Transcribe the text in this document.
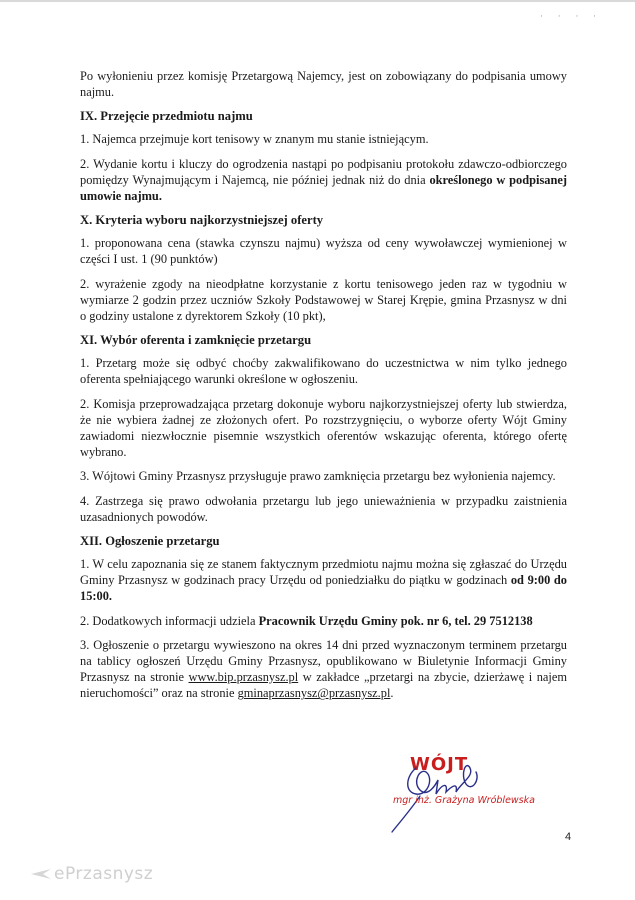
· · · ·

Po wyłonieniu przez komisję Przetargową Najemcy, jest on zobowiązany do podpisania umowy najmu.

IX. Przejęcie przedmiotu najmu

1. Najemca przejmuje kort tenisowy w znanym mu stanie istniejącym.

2. Wydanie kortu i kluczy do ogrodzenia nastąpi po podpisaniu protokołu zdawczo-odbiorczego pomiędzy Wynajmującym i Najemcą, nie później jednak niż do dnia określonego w podpisanej umowie najmu.

X. Kryteria wyboru najkorzystniejszej oferty

1. proponowana cena (stawka czynszu najmu) wyższa od ceny wywoławczej wymienionej w części I ust. 1 (90 punktów)

2. wyrażenie zgody na nieodpłatne korzystanie z kortu tenisowego jeden raz w tygodniu w wymiarze 2 godzin przez uczniów Szkoły Podstawowej w Starej Krępie, gmina Przasnysz w dni o godziny ustalone z dyrektorem Szkoły (10 pkt),

XI. Wybór oferenta i zamknięcie przetargu

1. Przetarg może się odbyć choćby zakwalifikowano do uczestnictwa w nim tylko jednego oferenta spełniającego warunki określone w ogłoszeniu.

2. Komisja przeprowadzająca przetarg dokonuje wyboru najkorzystniejszej oferty lub stwierdza, że nie wybiera żadnej ze złożonych ofert. Po rozstrzygnięciu, o wyborze oferty Wójt Gminy zawiadomi niezwłocznie pisemnie wszystkich oferentów wskazując oferenta, którego ofertę wybrano.

3. Wójtowi Gminy Przasnysz przysługuje prawo zamknięcia przetargu bez wyłonienia najemcy.

4. Zastrzega się prawo odwołania przetargu lub jego unieważnienia w przypadku zaistnienia uzasadnionych powodów.

XII. Ogłoszenie przetargu

1. W celu zapoznania się ze stanem faktycznym przedmiotu najmu można się zgłaszać do Urzędu Gminy Przasnysz w godzinach pracy Urzędu od poniedziałku do piątku w godzinach od 9:00 do 15:00.

2. Dodatkowych informacji udziela Pracownik Urzędu Gminy pok. nr 6, tel. 29 7512138

3. Ogłoszenie o przetargu wywieszono na okres 14 dni przed wyznaczonym terminem przetargu na tablicy ogłoszeń Urzędu Gminy Przasnysz, opublikowano w Biuletynie Informacji Gminy Przasnysz na stronie www.bip.przasnysz.pl w zakładce „przetargi na zbycie, dzierżawę i najem nieruchomości” oraz na stronie gminaprzasnysz@przasnysz.pl.

WÓJT
mgr inż. Grażyna Wróblewska
4
ePrzasnysz
